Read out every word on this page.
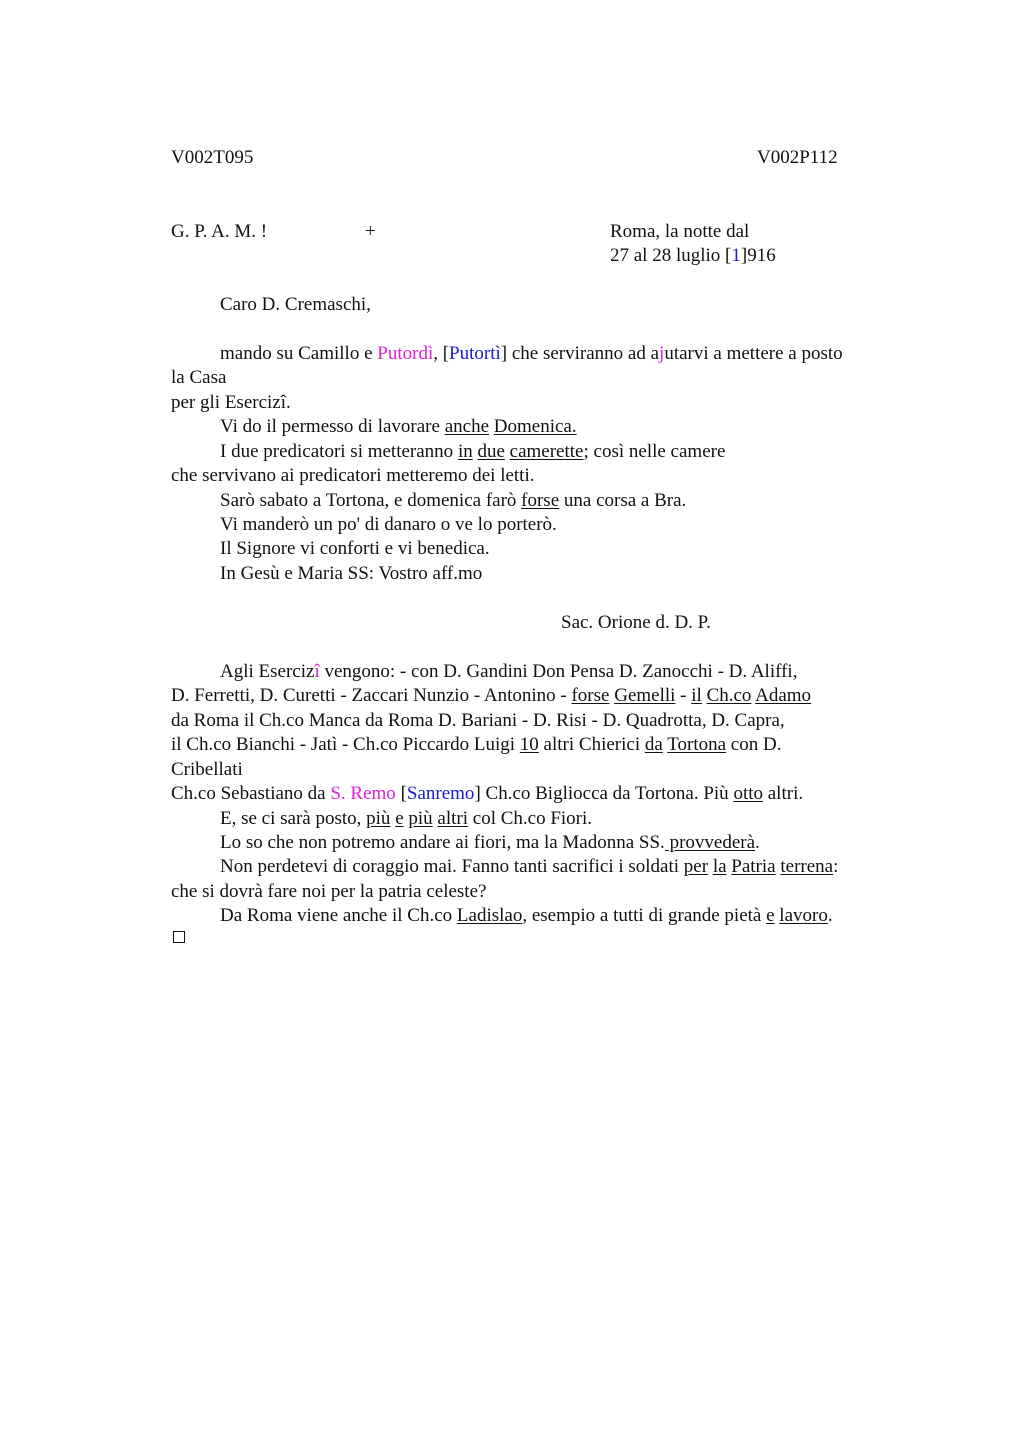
V002T095	V002P112
G. P. A. M. !	+	Roma, la notte dal
27 al 28 luglio [1]916
Caro D. Cremaschi,
mando su Camillo e Putordì, [Putortì] che serviranno ad ajutarvi a mettere a posto
la Casa
per gli Esercizî.
Vi do il permesso di lavorare anche Domenica.
I due predicatori si metteranno in due camerette; così nelle camere
che servivano ai predicatori metteremo dei letti.
Sarò sabato a Tortona, e domenica farò forse una corsa a Bra.
Vi manderò un po' di danaro o ve lo porterò.
Il Signore vi conforti e vi benedica.
In Gesù e Maria SS: Vostro aff.mo
Sac. Orione d. D. P.
Agli Esercizî vengono: - con D. Gandini Don Pensa D. Zanocchi - D. Aliffi,
D. Ferretti, D. Curetti - Zaccari Nunzio - Antonino - forse Gemelli - il Ch.co Adamo
da Roma il Ch.co Manca da Roma D. Bariani - D. Risi - D. Quadrotta, D. Capra,
il Ch.co Bianchi - Jatì - Ch.co Piccardo Luigi 10 altri Chierici da Tortona con D.
Cribellati
Ch.co Sebastiano da S. Remo [Sanremo] Ch.co Bigliocca da Tortona. Più otto altri.
E, se ci sarà posto, più e più altri col Ch.co Fiori.
Lo so che non potremo andare ai fiori, ma la Madonna SS. provvederà.
Non perdetevi di coraggio mai. Fanno tanti sacrifici i soldati per la Patria terrena:
che si dovrà fare noi per la patria celeste?
Da Roma viene anche il Ch.co Ladislao, esempio a tutti di grande pietà e lavoro.
